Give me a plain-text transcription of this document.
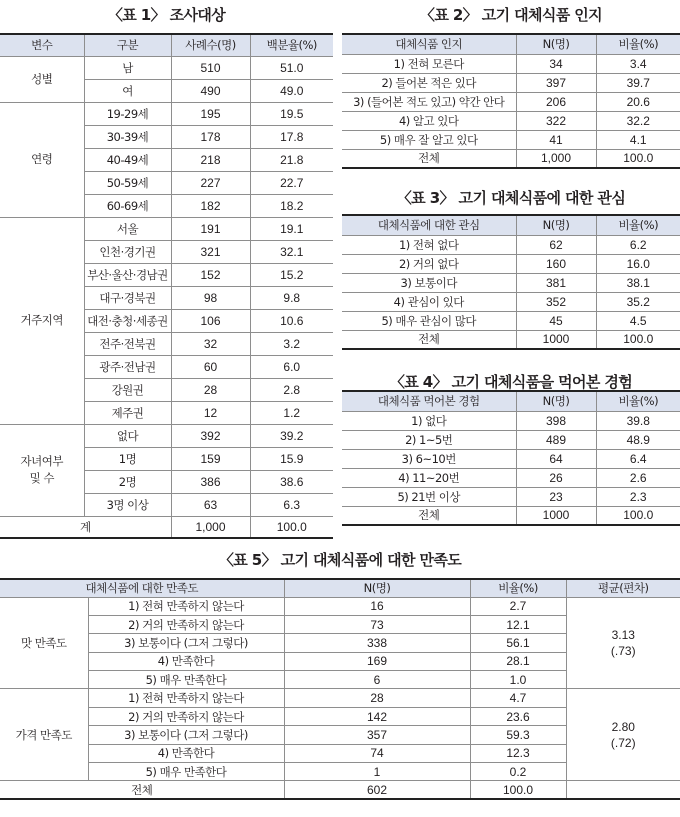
〈표 1〉 조사대상
변수	구분	사례수(명)	백분율(%)
성별	남	510	51.0
	여	490	49.0
연령	19-29세	195	19.5
	30-39세	178	17.8
	40-49세	218	21.8
	50-59세	227	22.7
	60-69세	182	18.2
거주지역	서울	191	19.1
	인천·경기권	321	32.1
	부산·울산·경남권	152	15.2
	대구·경북권	98	9.8
	대전·충청·세종권	106	10.6
	전주·전북권	32	3.2
	광주·전남권	60	6.0
	강원권	28	2.8
	제주권	12	1.2
자녀여부
및 수	없다	392	39.2
	1명	159	15.9
	2명	386	38.6
	3명 이상	63	6.3
계		1,000	100.0
〈표 2〉 고기 대체식품 인지
대체식품 인지	N(명)	비율(%)
1) 전혀 모른다	34	3.4
2) 들어본 적은 있다	397	39.7
3) (들어본 적도 있고) 약간 안다	206	20.6
4) 알고 있다	322	32.2
5) 매우 잘 알고 있다	41	4.1
전체	1,000	100.0
〈표 3〉 고기 대체식품에 대한 관심
대체식품에 대한 관심	N(명)	비율(%)
1) 전혀 없다	62	6.2
2) 거의 없다	160	16.0
3) 보통이다	381	38.1
4) 관심이 있다	352	35.2
5) 매우 관심이 많다	45	4.5
전체	1000	100.0
〈표 4〉 고기 대체식품을 먹어본 경험
대체식품 먹어본 경험	N(명)	비율(%)
1) 없다	398	39.8
2) 1~5번	489	48.9
3) 6~10번	64	6.4
4) 11~20번	26	2.6
5) 21번 이상	23	2.3
전체	1000	100.0
〈표 5〉 고기 대체식품에 대한 만족도
대체식품에 대한 만족도		N(명)	비율(%)	평균(편차)
맛 만족도	1) 전혀 만족하지 않는다	16	2.7	3.13
(.73)
	2) 거의 만족하지 않는다	73	12.1	
	3) 보통이다 (그저 그렇다)	338	56.1	
	4) 만족한다	169	28.1	
	5) 매우 만족한다	6	1.0	
가격 만족도	1) 전혀 만족하지 않는다	28	4.7	2.80
(.72)
	2) 거의 만족하지 않는다	142	23.6	
	3) 보통이다 (그저 그렇다)	357	59.3	
	4) 만족한다	74	12.3	
	5) 매우 만족한다	1	0.2	
전체		602	100.0	
